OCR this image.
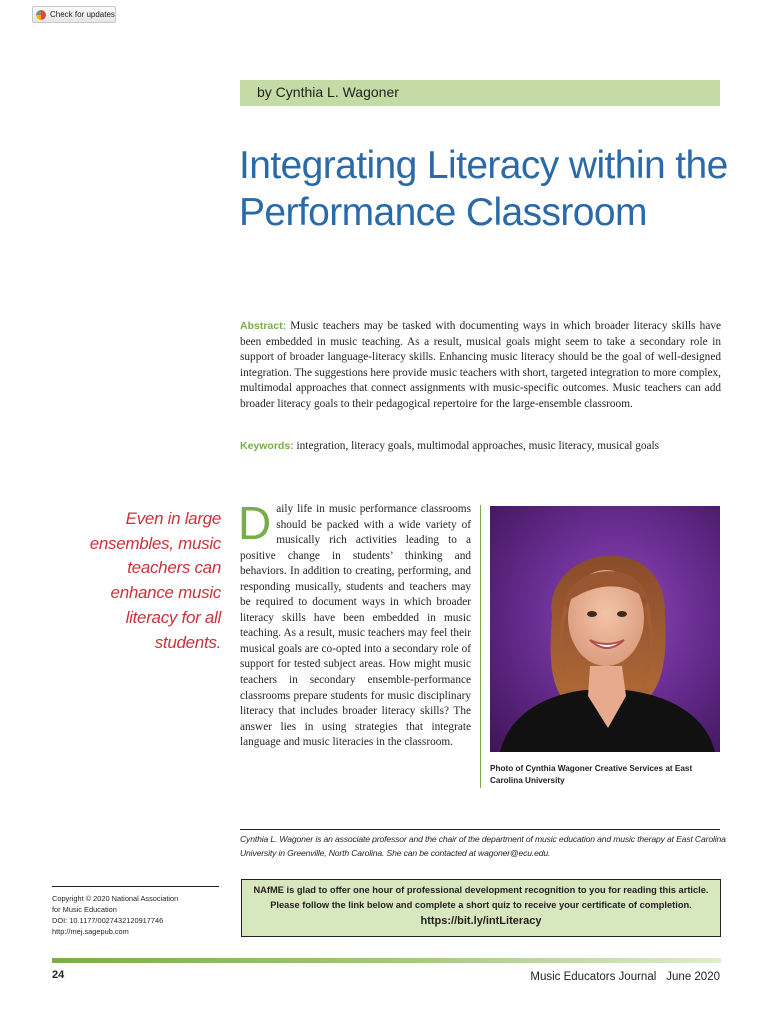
Check for updates
by Cynthia L. Wagoner
Integrating Literacy within the Performance Classroom

Abstract: Music teachers may be tasked with documenting ways in which broader literacy skills have been embedded in music teaching. As a result, musical goals might seem to take a secondary role in support of broader language-literacy skills. Enhancing music literacy should be the goal of well-designed integration. The suggestions here provide music teachers with short, targeted integration to more complex, multimodal approaches that connect assignments with music-specific outcomes. Music teachers can add broader literacy goals to their pedagogical repertoire for the large-ensemble classroom.

Keywords: integration, literacy goals, multimodal approaches, music literacy, musical goals

Even in large ensembles, music teachers can enhance music literacy for all students.

Daily life in music performance classrooms should be packed with a wide variety of musically rich activities leading to a positive change in students’ thinking and behaviors. In addition to creating, performing, and responding musically, students and teachers may be required to document ways in which broader literacy skills have been embedded in music teaching. As a result, music teachers may feel their musical goals are co-opted into a secondary role of support for tested subject areas. How might music teachers in secondary ensemble-performance classrooms prepare students for music disciplinary literacy that includes broader literacy skills? The answer lies in using strategies that integrate language and music literacies in the classroom.

Photo of Cynthia Wagoner Creative Services at East Carolina University

Cynthia L. Wagoner is an associate professor and the chair of the department of music education and music therapy at East Carolina University in Greenville, North Carolina. She can be contacted at wagoner@ecu.edu.

Copyright © 2020 National Association
for Music Education
DOI: 10.1177/0027432120917746
http://mej.sagepub.com
NAfME is glad to offer one hour of professional development recognition to you for reading this article.
Please follow the link below and complete a short quiz to receive your certificate of completion.
https://bit.ly/intLiteracy
24	Music Educators Journal June 2020
